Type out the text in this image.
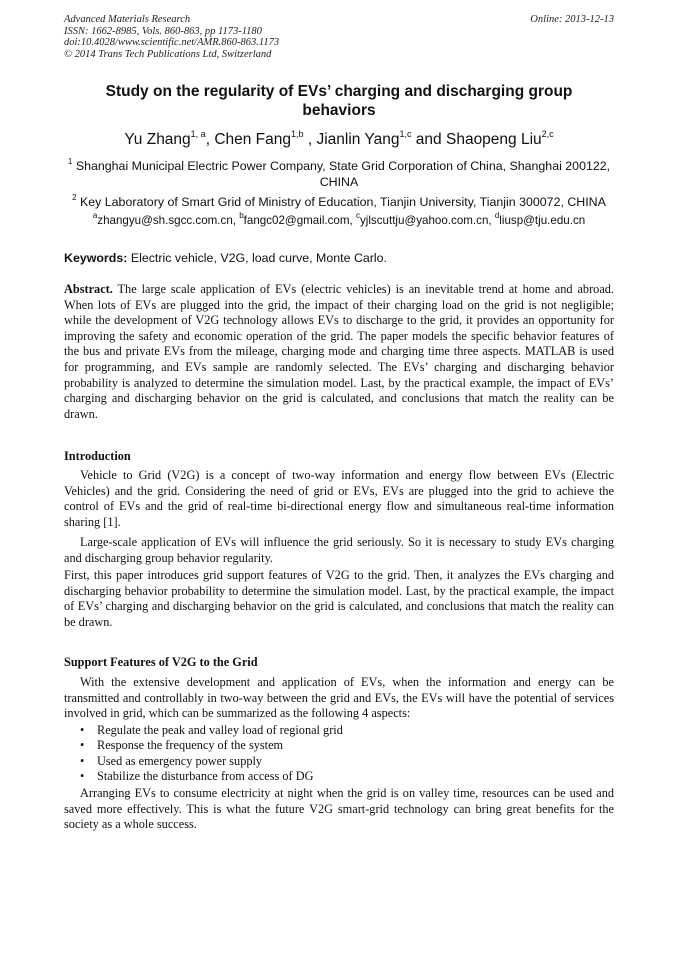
Advanced Materials Research
ISSN: 1662-8985, Vols. 860-863, pp 1173-1180
doi:10.4028/www.scientific.net/AMR.860-863.1173
© 2014 Trans Tech Publications Ltd, Switzerland
Online: 2013-12-13
Study on the regularity of EVs’ charging and discharging group
behaviors
Yu Zhang$^{1, a}$, Chen Fang$^{1,b}$ , Jianlin Yang$^{1,c}$ and Shaopeng Liu$^{2,c}$
$^1$ Shanghai Municipal Electric Power Company, State Grid Corporation of China, Shanghai 200122,
CHINA
$^2$ Key Laboratory of Smart Grid of Ministry of Education, Tianjin University, Tianjin 300072, CHINA
$^a$zhangyu@sh.sgcc.com.cn, $^b$fangc02@gmail.com, $^c$yjlscuttju@yahoo.com.cn, $^d$liusp@tju.edu.cn
Keywords: Electric vehicle, V2G, load curve, Monte Carlo.
Abstract. The large scale application of EVs (electric vehicles) is an inevitable trend at home and abroad. When lots of EVs are plugged into the grid, the impact of their charging load on the grid is not negligible; while the development of V2G technology allows EVs to discharge to the grid, it provides an opportunity for improving the safety and economic operation of the grid. The paper models the specific behavior features of the bus and private EVs from the mileage, charging mode and charging time three aspects. MATLAB is used for programming, and EVs sample are randomly selected. The EVs’ charging and discharging behavior probability is analyzed to determine the simulation model. Last, by the practical example, the impact of EVs’ charging and discharging behavior on the grid is calculated, and conclusions that match the reality can be drawn.
Introduction
Vehicle to Grid (V2G) is a concept of two-way information and energy flow between EVs (Electric Vehicles) and the grid. Considering the need of grid or EVs, EVs are plugged into the grid to achieve the control of EVs and the grid of real-time bi-directional energy flow and simultaneous real-time information sharing [1].
Large-scale application of EVs will influence the grid seriously. So it is necessary to study EVs charging and discharging group behavior regularity.
First, this paper introduces grid support features of V2G to the grid. Then, it analyzes the EVs charging and discharging behavior probability to determine the simulation model. Last, by the practical example, the impact of EVs’ charging and discharging behavior on the grid is calculated, and conclusions that match the reality can be drawn.
Support Features of V2G to the Grid
With the extensive development and application of EVs, when the information and energy can be transmitted and controllably in two-way between the grid and EVs, the EVs will have the potential of services involved in grid, which can be summarized as the following 4 aspects:
• Regulate the peak and valley load of regional grid
• Response the frequency of the system
• Used as emergency power supply
• Stabilize the disturbance from access of DG
Arranging EVs to consume electricity at night when the grid is on valley time, resources can be used and saved more effectively. This is what the future V2G smart-grid technology can bring great benefits for the society as a whole success.
